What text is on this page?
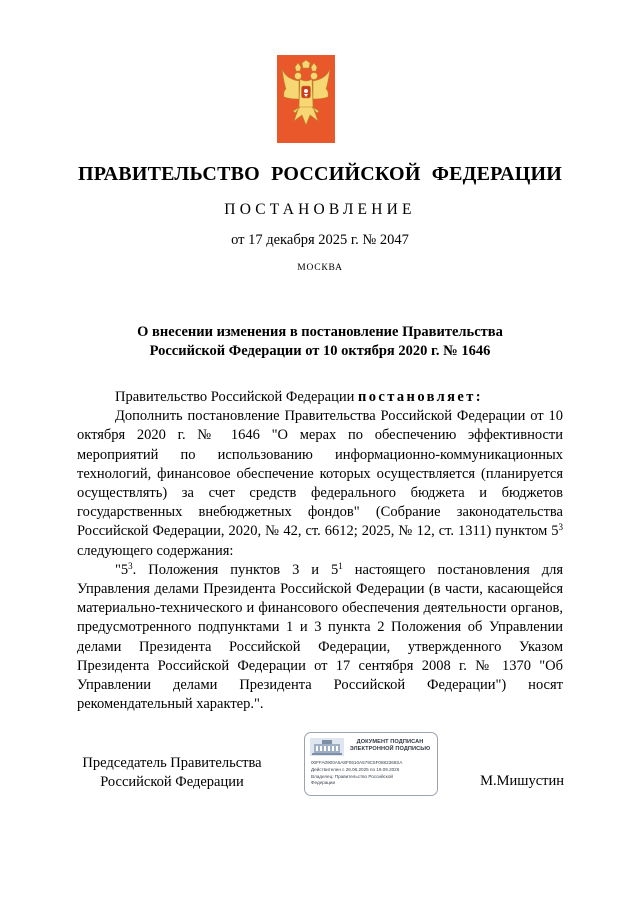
ПРАВИТЕЛЬСТВО РОССИЙСКОЙ ФЕДЕРАЦИИ
ПОСТАНОВЛЕНИЕ
от 17 декабря 2025 г. № 2047
МОСКВА
О внесении изменения в постановление Правительства
Российской Федерации от 10 октября 2020 г. № 1646

Правительство Российской Федерации постановляет:

Дополнить постановление Правительства Российской Федерации от 10 октября 2020 г. № 1646 "О мерах по обеспечению эффективности мероприятий по использованию информационно-коммуникационных технологий, финансовое обеспечение которых осуществляется (планируется осуществлять) за счет средств федерального бюджета и бюджетов государственных внебюджетных фондов" (Собрание законодательства Российской Федерации, 2020, № 42, ст. 6612; 2025, № 12, ст. 1311) пунктом $5^3$ следующего содержания:

"$5^3$. Положения пунктов 3 и $5^1$ настоящего постановления для Управления делами Президента Российской Федерации (в части, касающейся материально-технического и финансового обеспечения деятельности органов, предусмотренного подпунктами 1 и 3 пункта 2 Положения об Управлении делами Президента Российской Федерации, утвержденного Указом Президента Российской Федерации от 17 сентября 2008 г. № 1370 "Об Управлении делами Президента Российской Федерации") носят рекомендательный характер.".

Председатель Правительства
Российской Федерации
ДОКУМЕНТ ПОДПИСАН
ЭЛЕКТРОННОЙ ПОДПИСЬЮ
00FFA0900A5A8F0610A579C5F0882366SA
Действителен с 26.06.2025 по 19.09.2026
Владелец: Правительство Российской
Федерации	М.Мишустин
